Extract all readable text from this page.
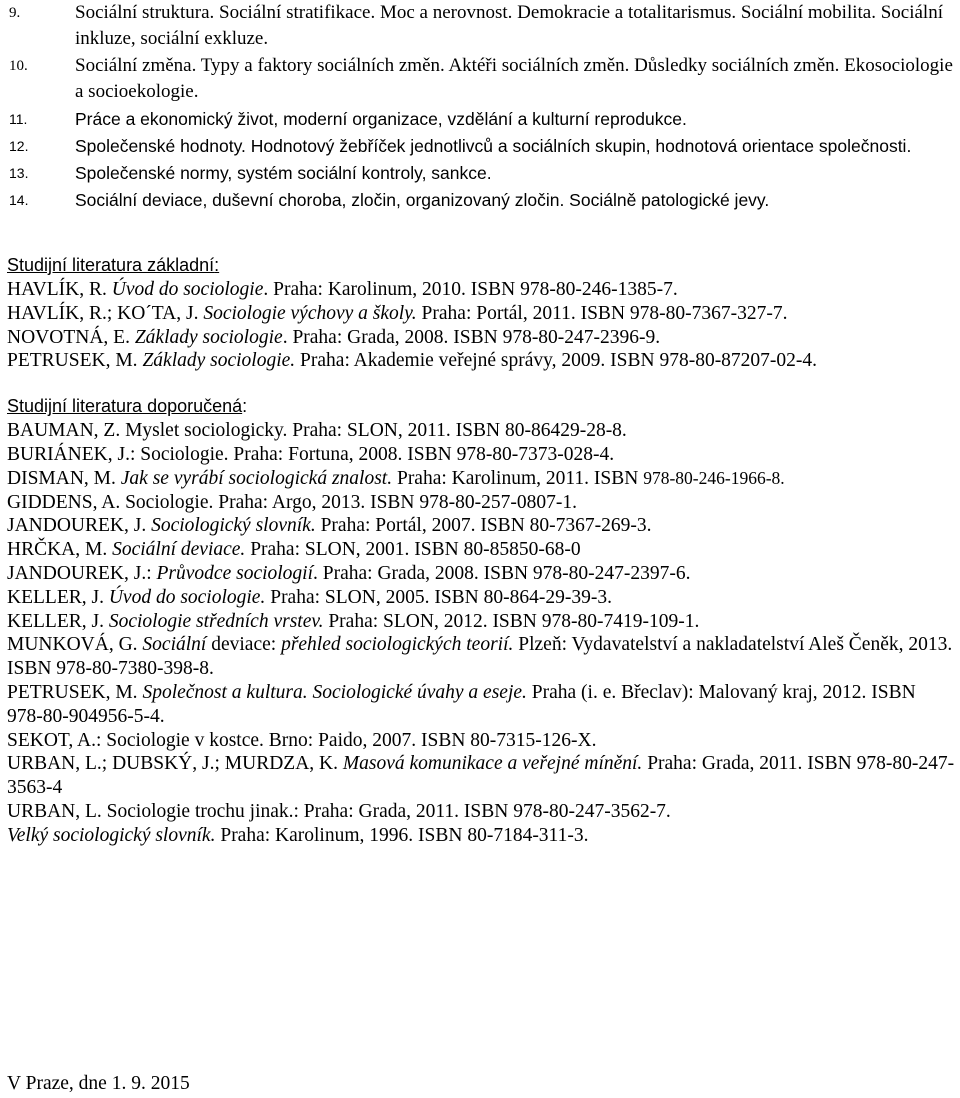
9.	Sociální struktura. Sociální stratifikace. Moc a nerovnost. Demokracie a totalitarismus. Sociální mobilita. Sociální inkluze, sociální exkluze.
10.	Sociální změna. Typy a faktory sociálních změn. Aktéři sociálních změn. Důsledky sociálních změn. Ekosociologie a socioekologie.
11.	Práce a ekonomický život, moderní organizace, vzdělání a kulturní reprodukce.
12.	Společenské hodnoty. Hodnotový žebříček jednotlivců a sociálních skupin, hodnotová orientace společnosti.
13.	Společenské normy, systém sociální kontroly, sankce.
14.	Sociální deviace, duševní choroba, zločin, organizovaný zločin. Sociálně patologické jevy.
Studijní literatura základní:

HAVLÍK, R. Úvod do sociologie. Praha: Karolinum, 2010. ISBN 978-80-246-1385-7.

HAVLÍK, R.; KO´TA, J. Sociologie výchovy a školy. Praha: Portál, 2011. ISBN 978-80-7367-327-7.

NOVOTNÁ, E. Základy sociologie. Praha: Grada, 2008. ISBN 978-80-247-2396-9.

PETRUSEK, M. Základy sociologie. Praha: Akademie veřejné správy, 2009. ISBN 978-80-87207-02-4.

Studijní literatura doporučená:

BAUMAN, Z. Myslet sociologicky. Praha: SLON, 2011. ISBN 80-86429-28-8.

BURIÁNEK, J.: Sociologie. Praha: Fortuna, 2008. ISBN 978-80-7373-028-4.

DISMAN, M. Jak se vyrábí sociologická znalost. Praha: Karolinum, 2011. ISBN 978-80-246-1966-8.

GIDDENS, A. Sociologie. Praha: Argo, 2013. ISBN 978-80-257-0807-1.

JANDOUREK, J. Sociologický slovník. Praha: Portál, 2007. ISBN 80-7367-269-3.

HRČKA, M. Sociální deviace. Praha: SLON, 2001. ISBN 80-85850-68-0

JANDOUREK, J.: Průvodce sociologií. Praha: Grada, 2008. ISBN 978-80-247-2397-6.

KELLER, J. Úvod do sociologie. Praha: SLON, 2005. ISBN 80-864-29-39-3.

KELLER, J. Sociologie středních vrstev. Praha: SLON, 2012. ISBN 978-80-7419-109-1.

MUNKOVÁ, G. Sociální deviace: přehled sociologických teorií. Plzeň: Vydavatelství a nakladatelství Aleš Čeněk, 2013. ISBN 978-80-7380-398-8.

PETRUSEK, M. Společnost a kultura. Sociologické úvahy a eseje. Praha (i. e. Břeclav): Malovaný kraj, 2012. ISBN 978-80-904956-5-4.

SEKOT, A.: Sociologie v kostce. Brno: Paido, 2007. ISBN 80-7315-126-X.

URBAN, L.; DUBSKÝ, J.; MURDZA, K. Masová komunikace a veřejné mínění. Praha: Grada, 2011. ISBN 978-80-247-3563-4

URBAN, L. Sociologie trochu jinak.: Praha: Grada, 2011. ISBN 978-80-247-3562-7.

Velký sociologický slovník. Praha: Karolinum, 1996. ISBN 80-7184-311-3.

V Praze, dne 1. 9. 2015
